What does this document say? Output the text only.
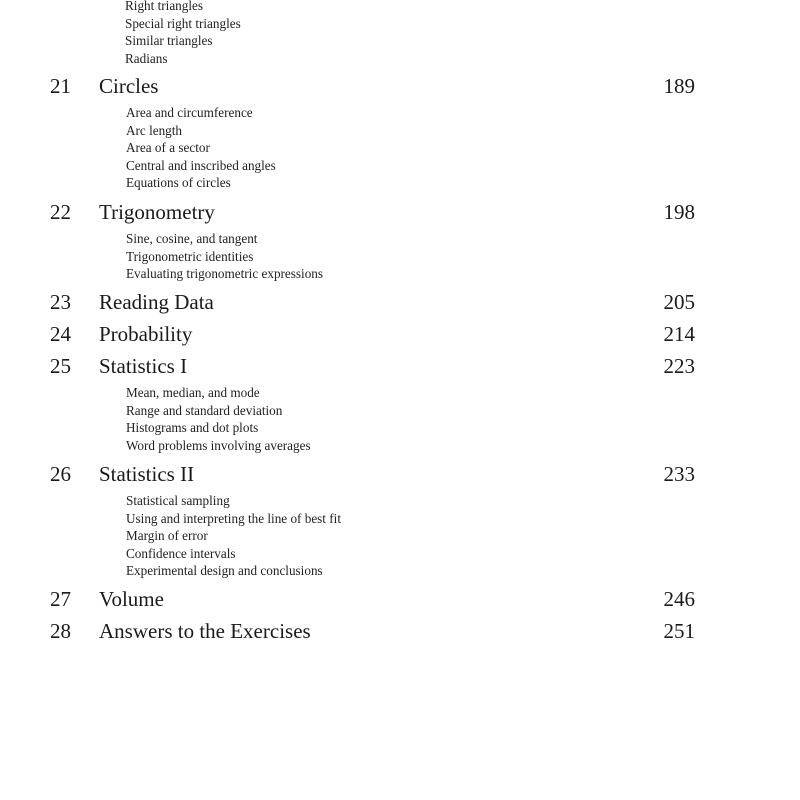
Right triangles
Special right triangles
Similar triangles
Radians
21 Circles	189
Area and circumference
Arc length
Area of a sector
Central and inscribed angles
Equations of circles
22 Trigonometry	198
Sine, cosine, and tangent
Trigonometric identities
Evaluating trigonometric expressions
23 Reading Data	205
24 Probability	214
25 Statistics I	223
Mean, median, and mode
Range and standard deviation
Histograms and dot plots
Word problems involving averages
26 Statistics II	233
Statistical sampling
Using and interpreting the line of best fit
Margin of error
Confidence intervals
Experimental design and conclusions
27 Volume	246
28 Answers to the Exercises	251
